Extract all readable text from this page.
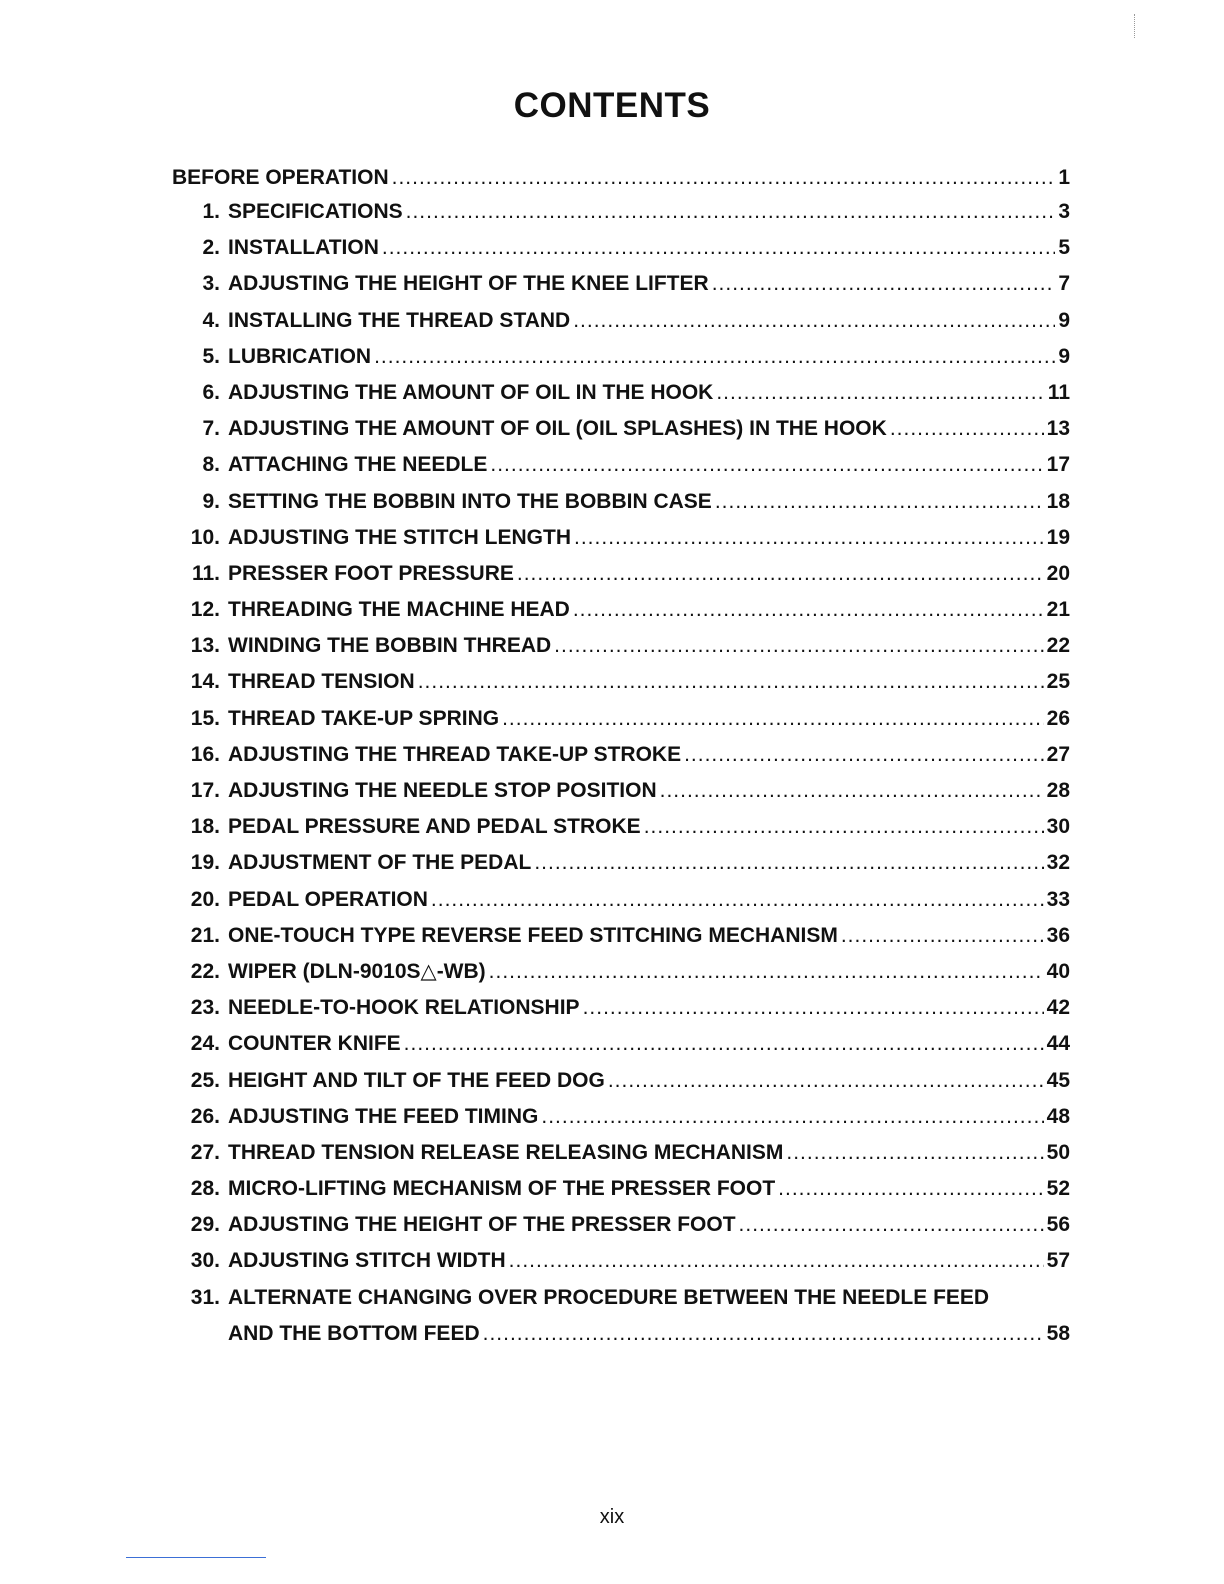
CONTENTS
BEFORE OPERATION .....	1
1. SPECIFICATIONS .....	3
2. INSTALLATION .....	5
3. ADJUSTING THE HEIGHT OF THE KNEE LIFTER .....	7
4. INSTALLING THE THREAD STAND .....	9
5. LUBRICATION .....	9
6. ADJUSTING THE AMOUNT OF OIL IN THE HOOK .....	11
7. ADJUSTING THE AMOUNT OF OIL (OIL SPLASHES) IN THE HOOK .....	13
8. ATTACHING THE NEEDLE .....	17
9. SETTING THE BOBBIN INTO THE BOBBIN CASE .....	18
10. ADJUSTING THE STITCH LENGTH .....	19
11. PRESSER FOOT PRESSURE .....	20
12. THREADING THE MACHINE HEAD .....	21
13. WINDING THE BOBBIN THREAD .....	22
14. THREAD TENSION .....	25
15. THREAD TAKE-UP SPRING .....	26
16. ADJUSTING THE THREAD TAKE-UP STROKE .....	27
17. ADJUSTING THE NEEDLE STOP POSITION .....	28
18. PEDAL PRESSURE AND PEDAL STROKE .....	30
19. ADJUSTMENT OF THE PEDAL .....	32
20. PEDAL OPERATION .....	33
21. ONE-TOUCH TYPE REVERSE FEED STITCHING MECHANISM .....	36
22. WIPER (DLN-9010S△-WB) .....	40
23. NEEDLE-TO-HOOK RELATIONSHIP .....	42
24. COUNTER KNIFE .....	44
25. HEIGHT AND TILT OF THE FEED DOG .....	45
26. ADJUSTING THE FEED TIMING .....	48
27. THREAD TENSION RELEASE RELEASING MECHANISM .....	50
28. MICRO-LIFTING MECHANISM OF THE PRESSER FOOT .....	52
29. ADJUSTING THE HEIGHT OF THE PRESSER FOOT .....	56
30. ADJUSTING STITCH WIDTH .....	57
31. ALTERNATE CHANGING OVER PROCEDURE BETWEEN THE NEEDLE FEED
AND THE BOTTOM FEED .....	58
xix
